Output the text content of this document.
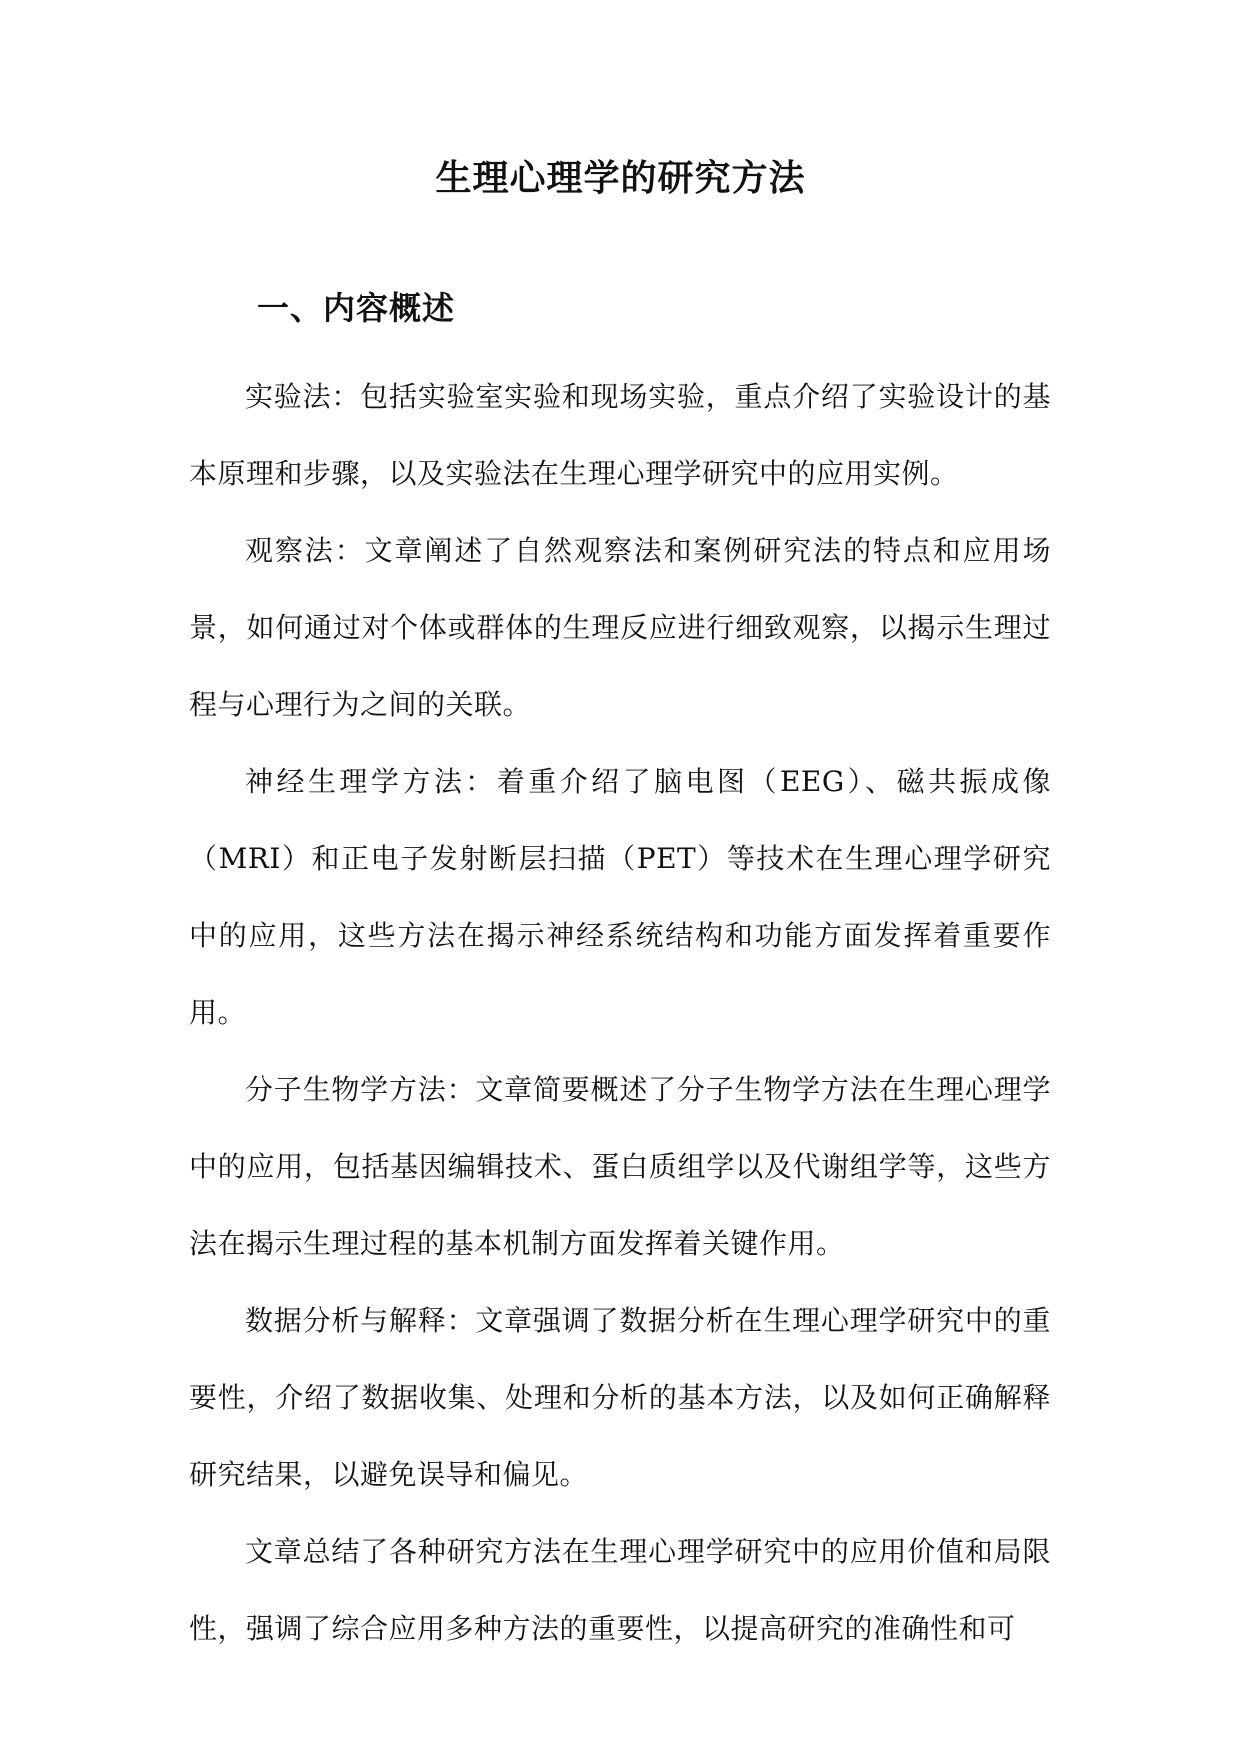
生理心理学的研究方法
一、内容概述

实验法：包括实验室实验和现场实验，重点介绍了实验设计的基本原理和步骤，以及实验法在生理心理学研究中的应用实例。

观察法：文章阐述了自然观察法和案例研究法的特点和应用场景，如何通过对个体或群体的生理反应进行细致观察，以揭示生理过程与心理行为之间的关联。

神经生理学方法：着重介绍了脑电图（EEG）、磁共振成像（MRI）和正电子发射断层扫描（PET）等技术在生理心理学研究中的应用，这些方法在揭示神经系统结构和功能方面发挥着重要作用。

分子生物学方法：文章简要概述了分子生物学方法在生理心理学中的应用，包括基因编辑技术、蛋白质组学以及代谢组学等，这些方法在揭示生理过程的基本机制方面发挥着关键作用。

数据分析与解释：文章强调了数据分析在生理心理学研究中的重要性，介绍了数据收集、处理和分析的基本方法，以及如何正确解释研究结果，以避免误导和偏见。

文章总结了各种研究方法在生理心理学研究中的应用价值和局限性，强调了综合应用多种方法的重要性，以提高研究的准确性和可
